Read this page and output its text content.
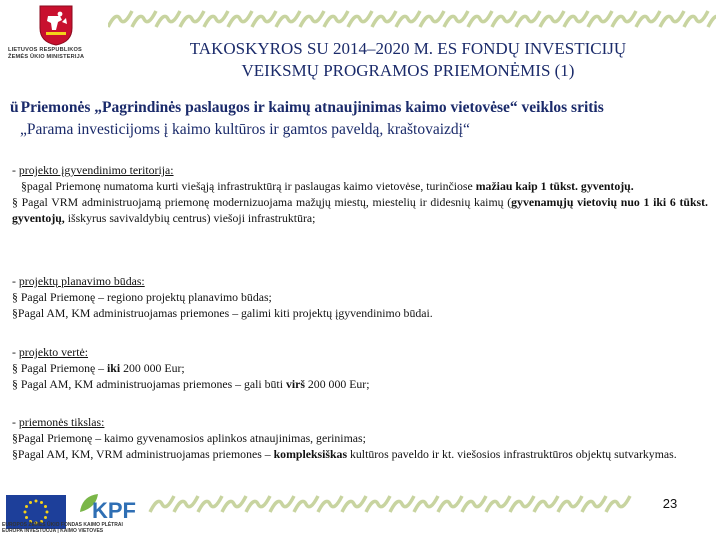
LIETUVOS RESPUBLIKOS
ŽEMĖS ŪKIO MINISTERIJA	TAKOSKYROS SU 2014–2020 M. ES FONDŲ INVESTICIJŲ
VEIKSMŲ PROGRAMOS PRIEMONĖMIS (1)
ü Priemonės „Pagrindinės paslaugos ir kaimų atnaujinimas kaimo vietovėse“ veiklos sritis
„Parama investicijoms į kaimo kultūros ir gamtos paveldą, kraštovaizdį“
- projekto įgyvendinimo teritorija:
§pagal Priemonę numatoma kurti viešąją infrastruktūrą ir paslaugas kaimo vietovėse, turinčiose mažiau kaip 1 tūkst. gyventojų.
§ Pagal VRM administruojamą priemonę modernizuojama mažųjų miestų, miestelių ir didesnių kaimų (gyvenamųjų vietovių nuo 1 iki 6 tūkst. gyventojų, išskyrus savivaldybių centrus) viešoji infrastruktūra;
- projektų planavimo būdas:
§ Pagal Priemonę – regiono projektų planavimo būdas;
§Pagal AM, KM administruojamas priemones – galimi kiti projektų įgyvendinimo būdai.
- projekto vertė:
§ Pagal Priemonę – iki 200 000 Eur;
§ Pagal AM, KM administruojamas priemones – gali būti virš 200 000 Eur;
- priemonės tikslas:
§Pagal Priemonę – kaimo gyvenamosios aplinkos atnaujinimas, gerinimas;
§Pagal AM, KM, VRM administruojamas priemones – kompleksiškas kultūros paveldo ir kt. viešosios infrastruktūros objektų sutvarkymas.
KPF
EUROPOS ŽEMĖS ŪKIO FONDAS KAIMO PLĖTRAI
EUROPA INVESTUOJA | KAIMO VIETOVES
23
